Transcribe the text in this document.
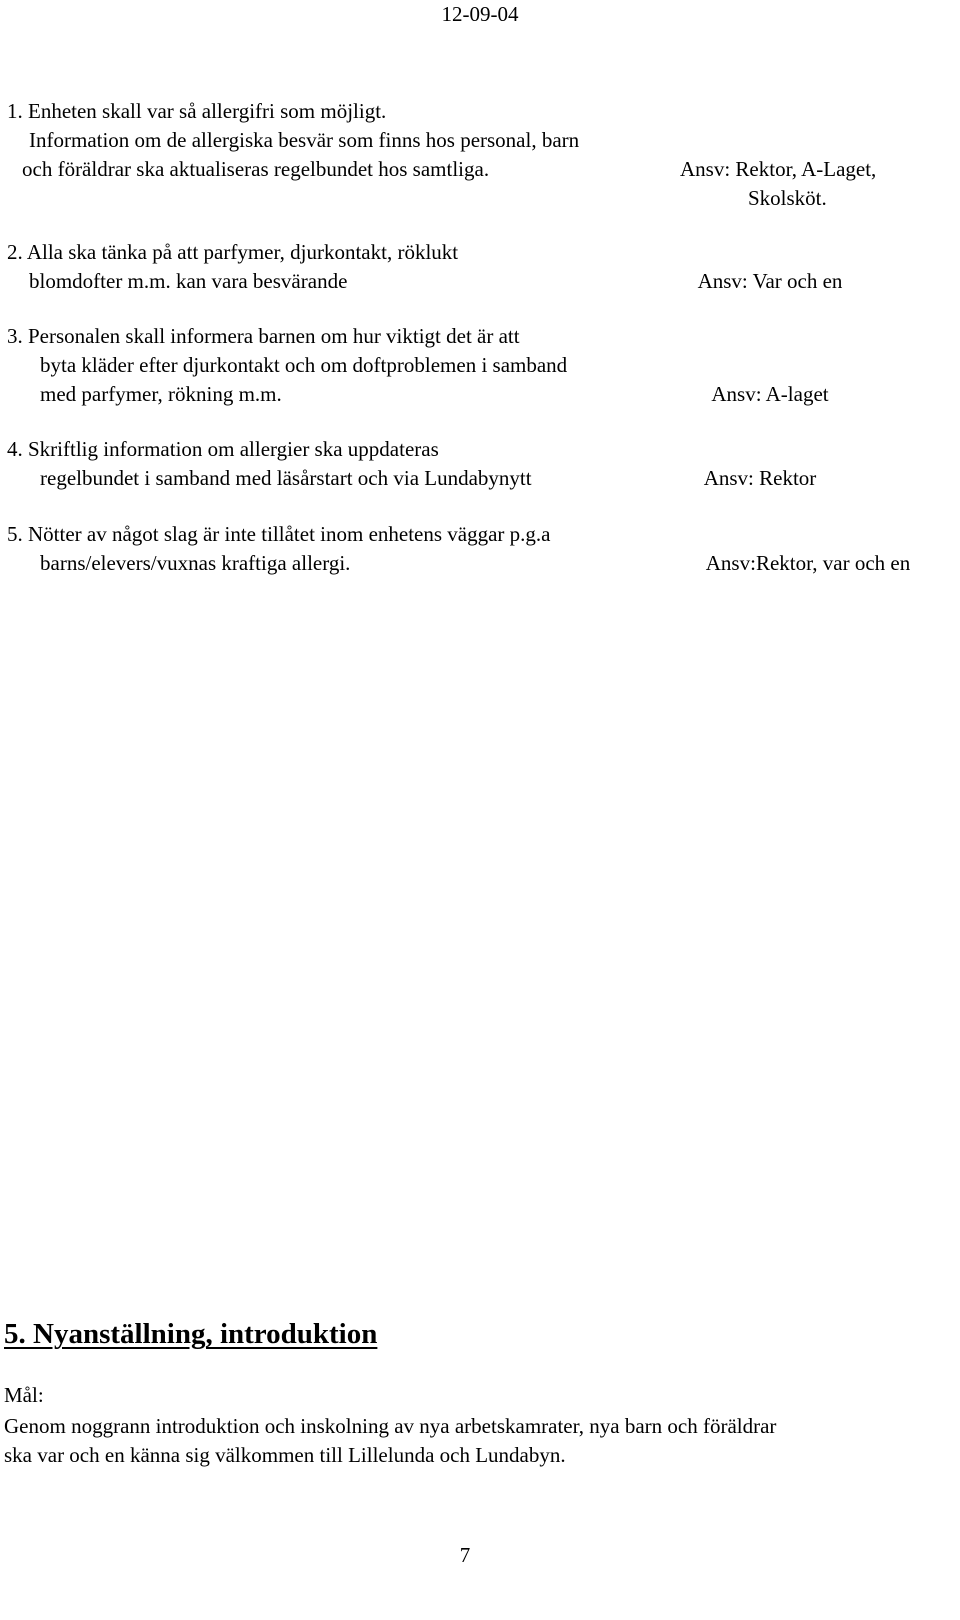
12-09-04
1. Enheten skall var så allergifri som möjligt.
Information om de allergiska besvär som finns hos personal, barn
och föräldrar ska aktualiseras regelbundet hos samtliga.	Ansv: Rektor, A-Laget,
Skolsköt.
2. Alla ska tänka på att parfymer, djurkontakt, röklukt
blomdofter m.m. kan vara besvärande	Ansv: Var och en
3. Personalen skall informera barnen om hur viktigt det är att
byta kläder efter djurkontakt och om doftproblemen i samband
med parfymer, rökning m.m.	Ansv: A-laget
4. Skriftlig information om allergier ska uppdateras
regelbundet i samband med läsårstart och via Lundabynytt	Ansv: Rektor
5. Nötter av något slag är inte tillåtet inom enhetens väggar p.g.a
barns/elevers/vuxnas kraftiga allergi.	Ansv:Rektor, var och en
5. Nyanställning, introduktion
Mål:
Genom noggrann introduktion och inskolning av nya arbetskamrater, nya barn och föräldrar
ska var och en känna sig välkommen till Lillelunda och Lundabyn.
7
